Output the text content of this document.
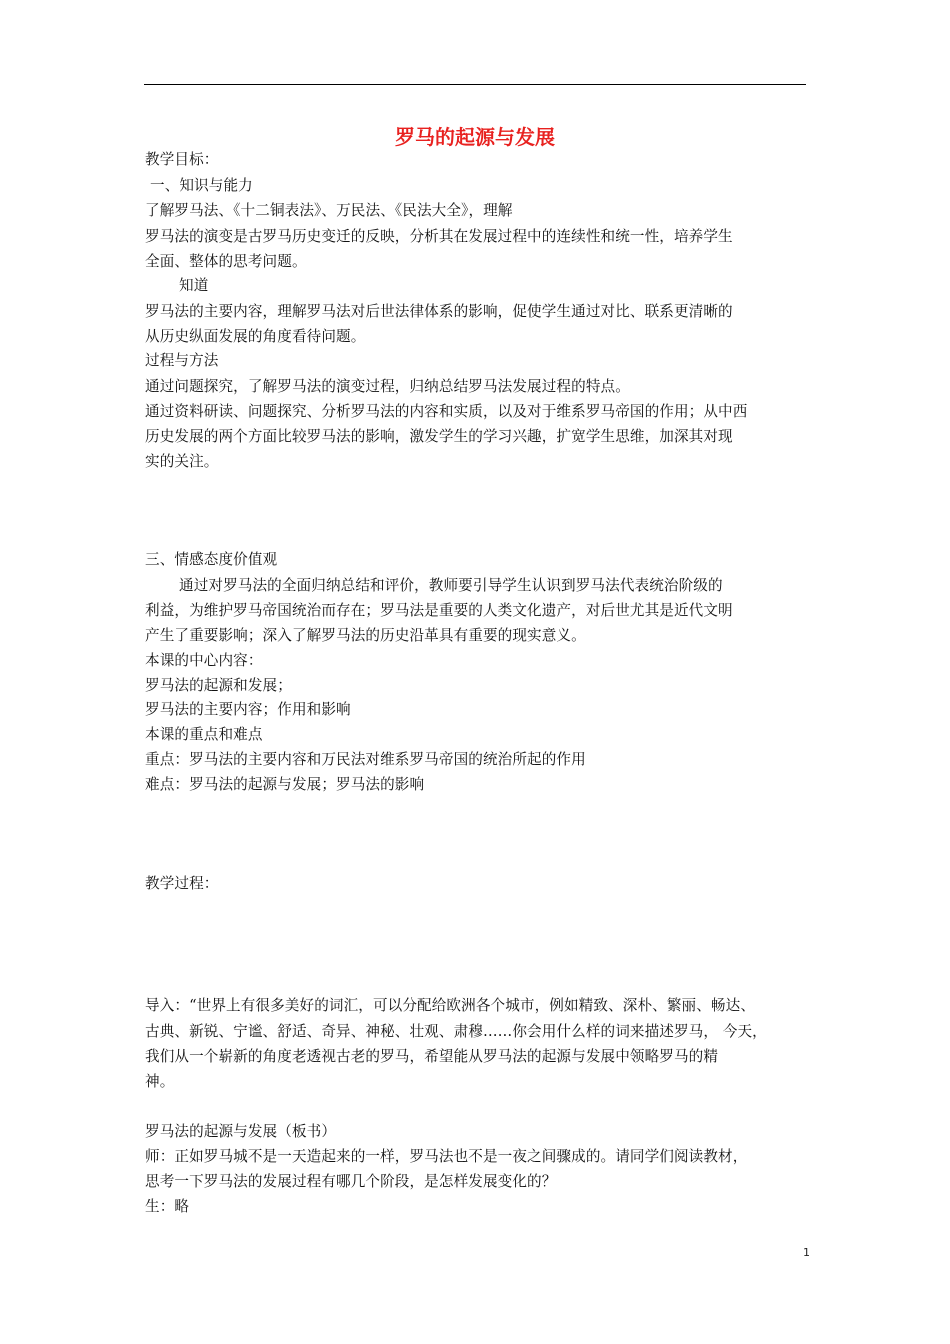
罗马的起源与发展
教学目标：
一、知识与能力
了解罗马法、《十二铜表法》、万民法、《民法大全》，理解
罗马法的演变是古罗马历史变迁的反映，分析其在发展过程中的连续性和统一性，培养学生
全面、整体的思考问题。
知道
罗马法的主要内容，理解罗马法对后世法律体系的影响，促使学生通过对比、联系更清晰的
从历史纵面发展的角度看待问题。
过程与方法
通过问题探究，了解罗马法的演变过程，归纳总结罗马法发展过程的特点。
通过资料研读、问题探究、分析罗马法的内容和实质，以及对于维系罗马帝国的作用；从中西
历史发展的两个方面比较罗马法的影响，激发学生的学习兴趣，扩宽学生思维，加深其对现
实的关注。
三、情感态度价值观
通过对罗马法的全面归纳总结和评价，教师要引导学生认识到罗马法代表统治阶级的
利益，为维护罗马帝国统治而存在；罗马法是重要的人类文化遗产，对后世尤其是近代文明
产生了重要影响；深入了解罗马法的历史沿革具有重要的现实意义。
本课的中心内容：
罗马法的起源和发展；
罗马法的主要内容；作用和影响
本课的重点和难点
重点：罗马法的主要内容和万民法对维系罗马帝国的统治所起的作用
难点：罗马法的起源与发展；罗马法的影响
教学过程：
导入：“世界上有很多美好的词汇，可以分配给欧洲各个城市，例如精致、深朴、繁丽、畅达、
古典、新锐、宁谧、舒适、奇异、神秘、壮观、肃穆……你会用什么样的词来描述罗马， 今天，
我们从一个崭新的角度老透视古老的罗马，希望能从罗马法的起源与发展中领略罗马的精
神。
罗马法的起源与发展（板书）
师：正如罗马城不是一天造起来的一样，罗马法也不是一夜之间骤成的。请同学们阅读教材，
思考一下罗马法的发展过程有哪几个阶段，是怎样发展变化的？
生：略
1
